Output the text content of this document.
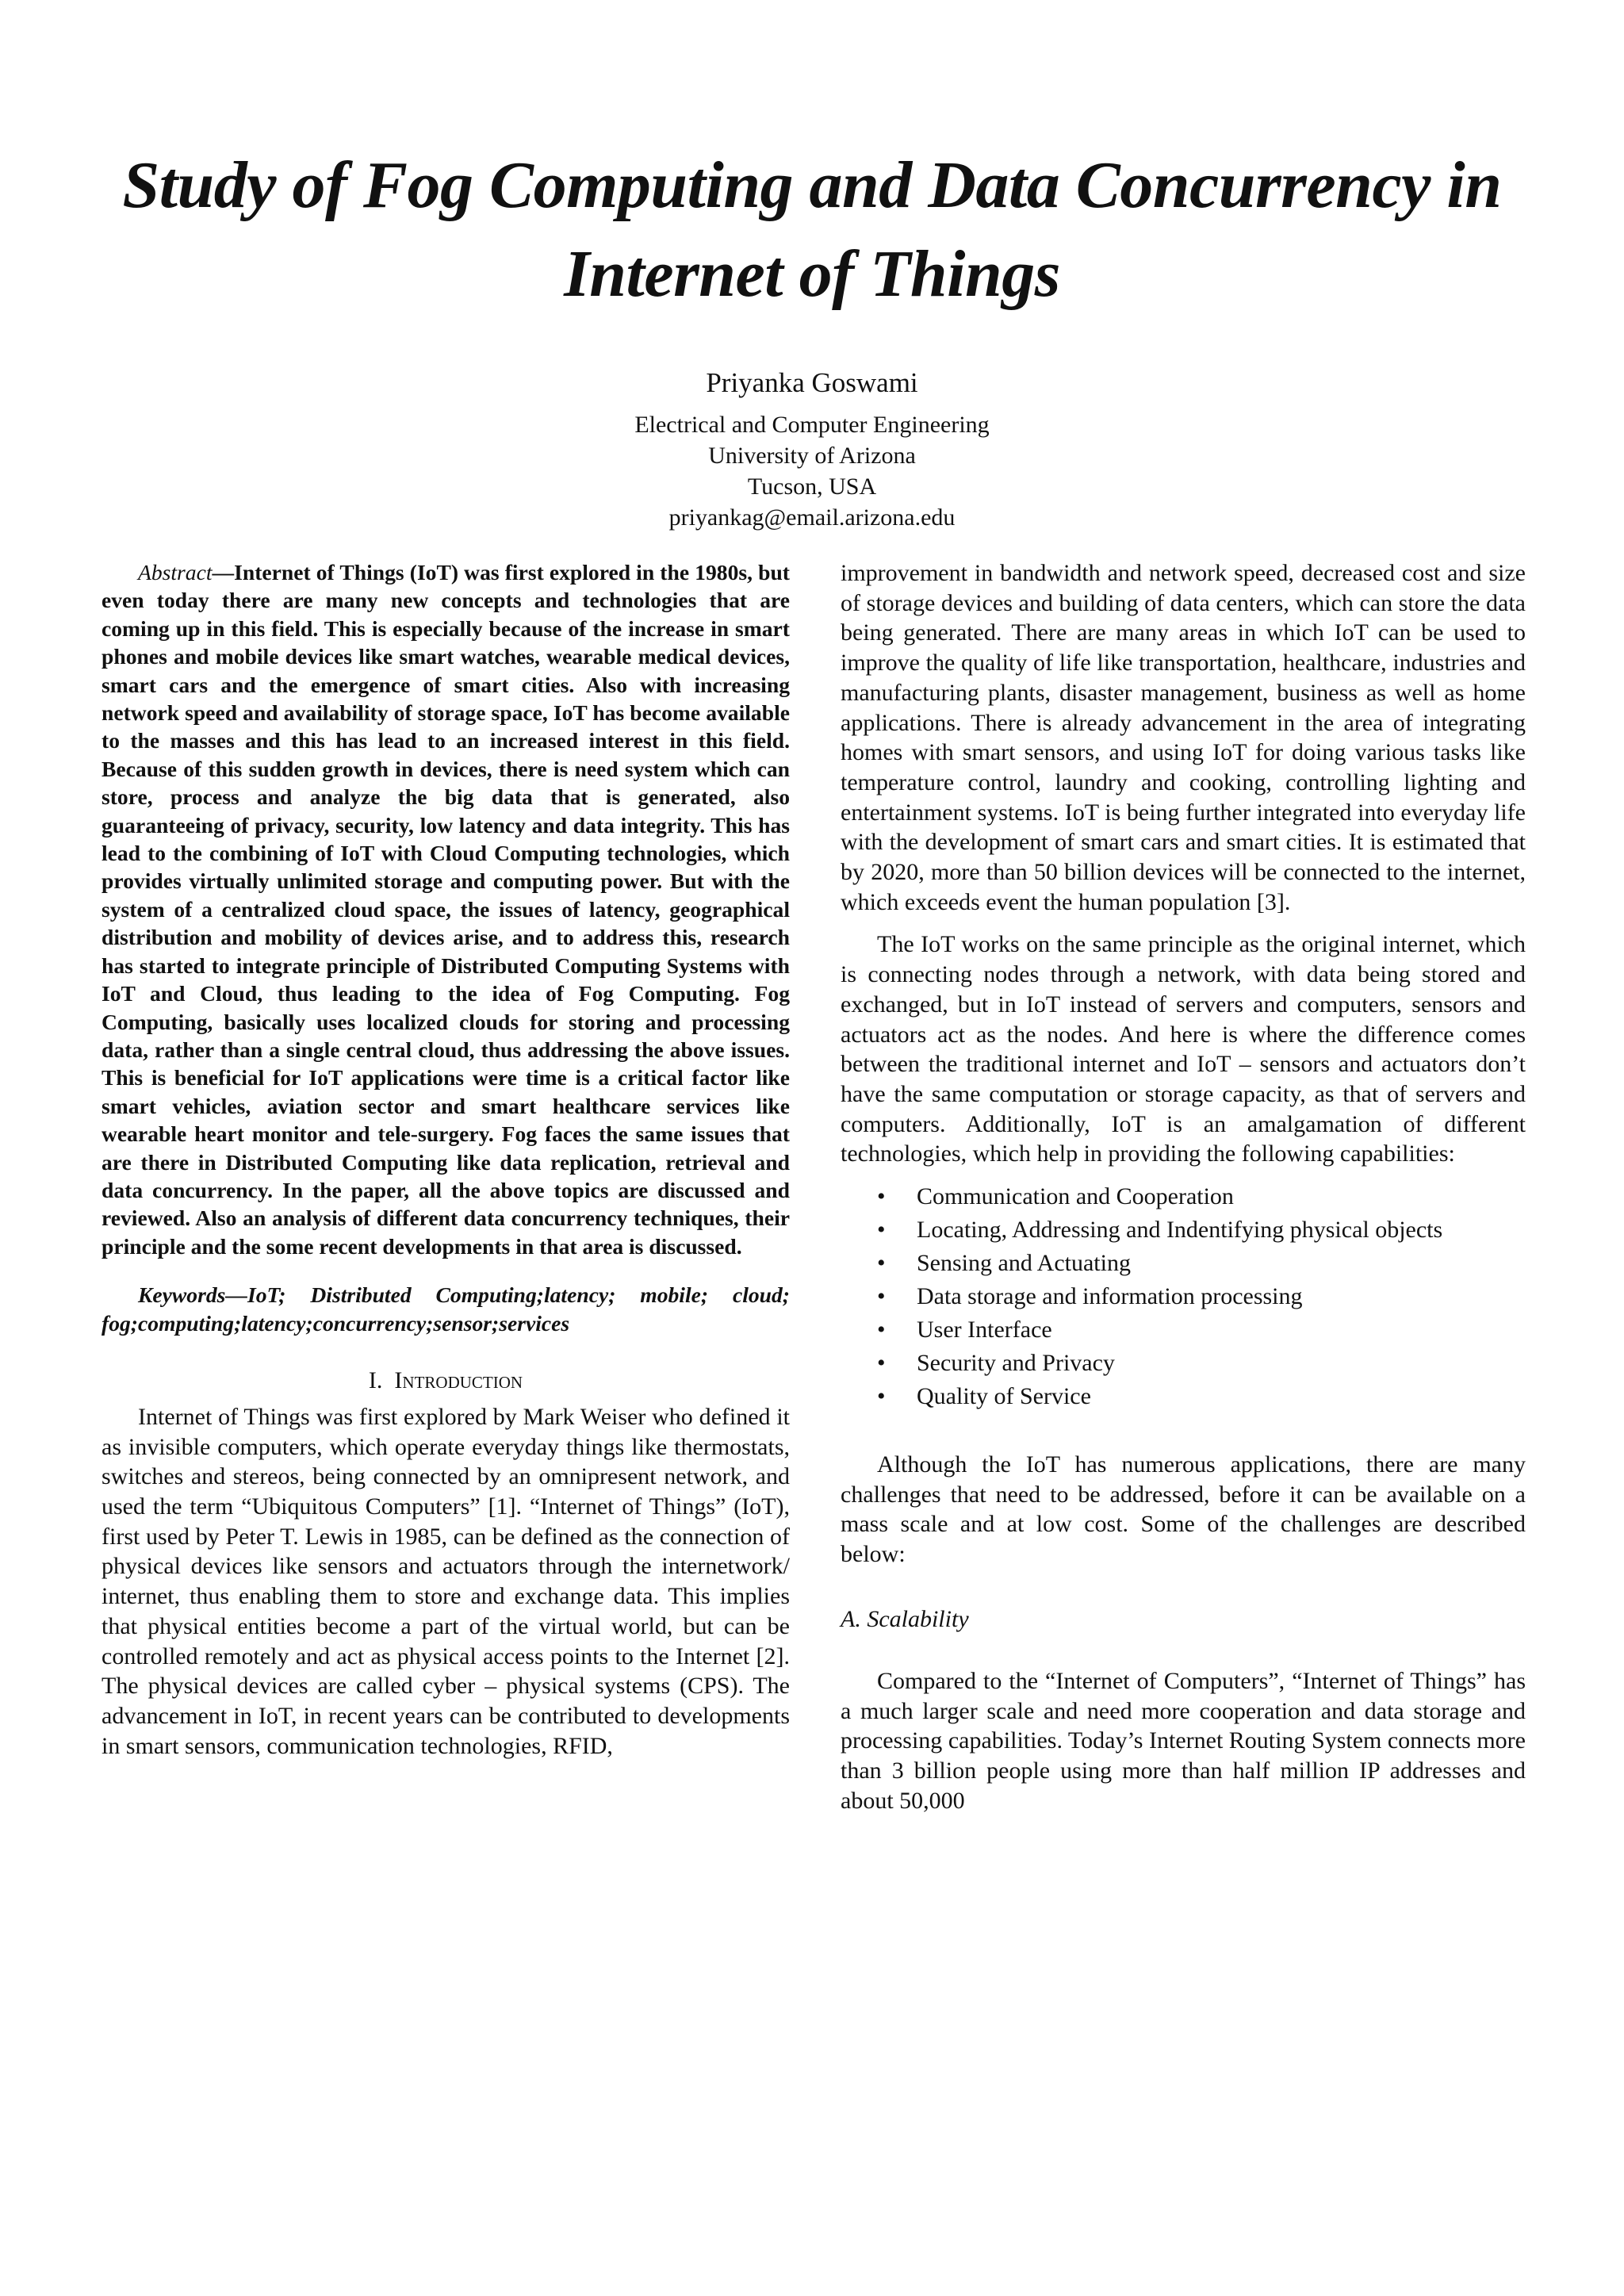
Study of Fog Computing and Data Concurrency in Internet of Things
Priyanka Goswami
Electrical and Computer Engineering
University of Arizona
Tucson, USA
priyankag@email.arizona.edu

Abstract—Internet of Things (IoT) was first explored in the 1980s, but even today there are many new concepts and technologies that are coming up in this field. This is especially because of the increase in smart phones and mobile devices like smart watches, wearable medical devices, smart cars and the emergence of smart cities. Also with increasing network speed and availability of storage space, IoT has become available to the masses and this has lead to an increased interest in this field. Because of this sudden growth in devices, there is need system which can store, process and analyze the big data that is generated, also guaranteeing of privacy, security, low latency and data integrity. This has lead to the combining of IoT with Cloud Computing technologies, which provides virtually unlimited storage and computing power. But with the system of a centralized cloud space, the issues of latency, geographical distribution and mobility of devices arise, and to address this, research has started to integrate principle of Distributed Computing Systems with IoT and Cloud, thus leading to the idea of Fog Computing. Fog Computing, basically uses localized clouds for storing and processing data, rather than a single central cloud, thus addressing the above issues. This is beneficial for IoT applications were time is a critical factor like smart vehicles, aviation sector and smart healthcare services like wearable heart monitor and tele-surgery. Fog faces the same issues that are there in Distributed Computing like data replication, retrieval and data concurrency. In the paper, all the above topics are discussed and reviewed. Also an analysis of different data concurrency techniques, their principle and the some recent developments in that area is discussed.

Keywords—IoT; Distributed Computing;latency; mobile; cloud; fog;computing;latency;concurrency;sensor;services

I. Introduction

Internet of Things was first explored by Mark Weiser who defined it as invisible computers, which operate everyday things like thermostats, switches and stereos, being connected by an omnipresent network, and used the term “Ubiquitous Computers” [1]. “Internet of Things” (IoT), first used by Peter T. Lewis in 1985, can be defined as the connection of physical devices like sensors and actuators through the internetwork/ internet, thus enabling them to store and exchange data. This implies that physical entities become a part of the virtual world, but can be controlled remotely and act as physical access points to the Internet [2]. The physical devices are called cyber – physical systems (CPS). The advancement in IoT, in recent years can be contributed to developments in smart sensors, communication technologies, RFID,

improvement in bandwidth and network speed, decreased cost and size of storage devices and building of data centers, which can store the data being generated. There are many areas in which IoT can be used to improve the quality of life like transportation, healthcare, industries and manufacturing plants, disaster management, business as well as home applications. There is already advancement in the area of integrating homes with smart sensors, and using IoT for doing various tasks like temperature control, laundry and cooking, controlling lighting and entertainment systems. IoT is being further integrated into everyday life with the development of smart cars and smart cities. It is estimated that by 2020, more than 50 billion devices will be connected to the internet, which exceeds event the human population [3].

The IoT works on the same principle as the original internet, which is connecting nodes through a network, with data being stored and exchanged, but in IoT instead of servers and computers, sensors and actuators act as the nodes. And here is where the difference comes between the traditional internet and IoT – sensors and actuators don’t have the same computation or storage capacity, as that of servers and computers. Additionally, IoT is an amalgamation of different technologies, which help in providing the following capabilities:

•	Communication and Cooperation
•	Locating, Addressing and Indentifying physical objects
•	Sensing and Actuating
•	Data storage and information processing
•	User Interface
•	Security and Privacy
•	Quality of Service

Although the IoT has numerous applications, there are many challenges that need to be addressed, before it can be available on a mass scale and at low cost. Some of the challenges are described below:

A. Scalability

Compared to the “Internet of Computers”, “Internet of Things” has a much larger scale and need more cooperation and data storage and processing capabilities. Today’s Internet Routing System connects more than 3 billion people using more than half million IP addresses and about 50,000
